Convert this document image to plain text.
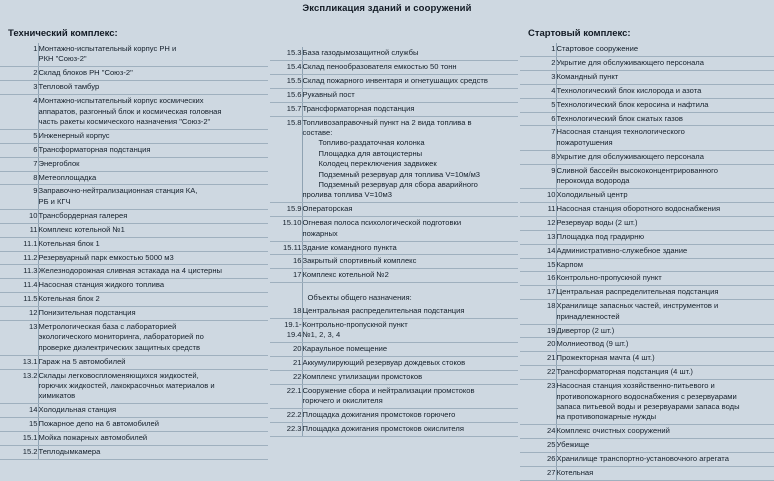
Экспликация зданий и сооружений
Технический комплекс:
1	Монтажно-испытательный корпус РН и
РКН "Союз-2"

2	Склад блоков РН "Союз-2"

3	Тепловой тамбур

4	Монтажно-испытательный корпус космических
аппаратов, разгонный блок и космическая головная
часть ракеты космического назначения "Союз-2"

5	Инженерный корпус

6	Трансформаторная подстанция

7	Энергоблок

8	Метеоплощадка

9	Заправочно-нейтрализационная станция КА,
РБ и КГЧ

10	Трансбордерная галерея

11	Комплекс котельной №1

11.1	Котельная блок 1

11.2	Резервуарный парк емкостью 5000 м3

11.3	Железнодорожная сливная эстакада на 4 цистерны

11.4	Насосная станция жидкого топлива

11.5	Котельная блок 2

12	Понизительная подстанция

13	Метрологическая база с лабораторией
экологического мониторинга, лабораторией по
проверке диэлектрических защитных средств

13.1	Гараж на 5 автомобилей

13.2	Склады легковоспломеняющихся жидкостей,
горючих жидкостей, лакокрасочных материалов и
химикатов

14	Холодильная станция

15	Пожарное депо на 6 автомобилей

15.1	Мойка пожарных автомобилей

15.2	Теплодымкамера
15.3	База газодымозащитной службы

15.4	Склад пенообразователя емкостью 50 тонн

15.5	Склад пожарного инвентаря и огнетушащих средств

15.6	Рукавный пост

15.7	Трансформаторная подстанция

15.8	Топливозаправочный пункт на 2 вида топлива в
составе:
Топливо-раздаточная колонка
Площадка для автоцистерны
Колодец переключения задвижек
Подземный резервуар для топлива V=10м/м3
Подземный резервуар для сбора аварийного
пролива топлива V=10м3

15.9	Операторская

15.10	Огневая полоса психологической подготовки
пожарных

15.11	Здание командного пункта

16	Закрытый спортивный комплекс

17	Комплекс котельной №2

	Объекты общего назначения:
18	Центральная распределительная подстанция

19.1-
19.4	Контрольно-пропускной пункт
№1, 2, 3, 4

20	Караульное помещение

21	Аккумулирующий резервуар дождевых стоков

22	Комплекс утилизации промстоков

22.1	Сооружение сбора и нейтрализации промстоков
горючего и окислителя

22.2	Площадка дожигания промстоков горючего

22.3	Площадка дожигания промстоков окислителя
Стартовый комплекс:
1	Стартовое сооружение

2	Укрытие для обслуживающего персонала

3	Командный пункт

4	Технологический блок кислорода и азота

5	Технологический блок керосина и нафтила

6	Технологический блок сжатых газов

7	Насосная станция технологического
пожаротушения

8	Укрытие для обслуживающего персонала

9	Сливной бассейн высококонцентрированного
перокоида водорода

10	Холодильный центр

11	Насосная станция оборотного водоснабжения

12	Резервуар воды (2 шт.)

13	Площадка под градирню

14	Административно-служебное здание

15	Карпом

16	Контрольно-пропускной пункт

17	Центральная распределительная подстанция

18	Хранилище запасных частей, инструментов и
принадлежностей

19	Дивертор (2 шт.)

20	Молниеотвод (9 шт.)

21	Прожекторная мачта (4 шт.)

22	Трансформаторная подстанция (4 шт.)

23	Насосная станция хозяйственно-питьевого и
противопожарного водоснабжения с резервуарами
запаса питьевой воды и резервуарами запаса воды
на противопожарные нужды

24	Комплекс очистных сооружений

25	Убежище

26	Хранилище транспортно-установочного агрегата

27	Котельная
